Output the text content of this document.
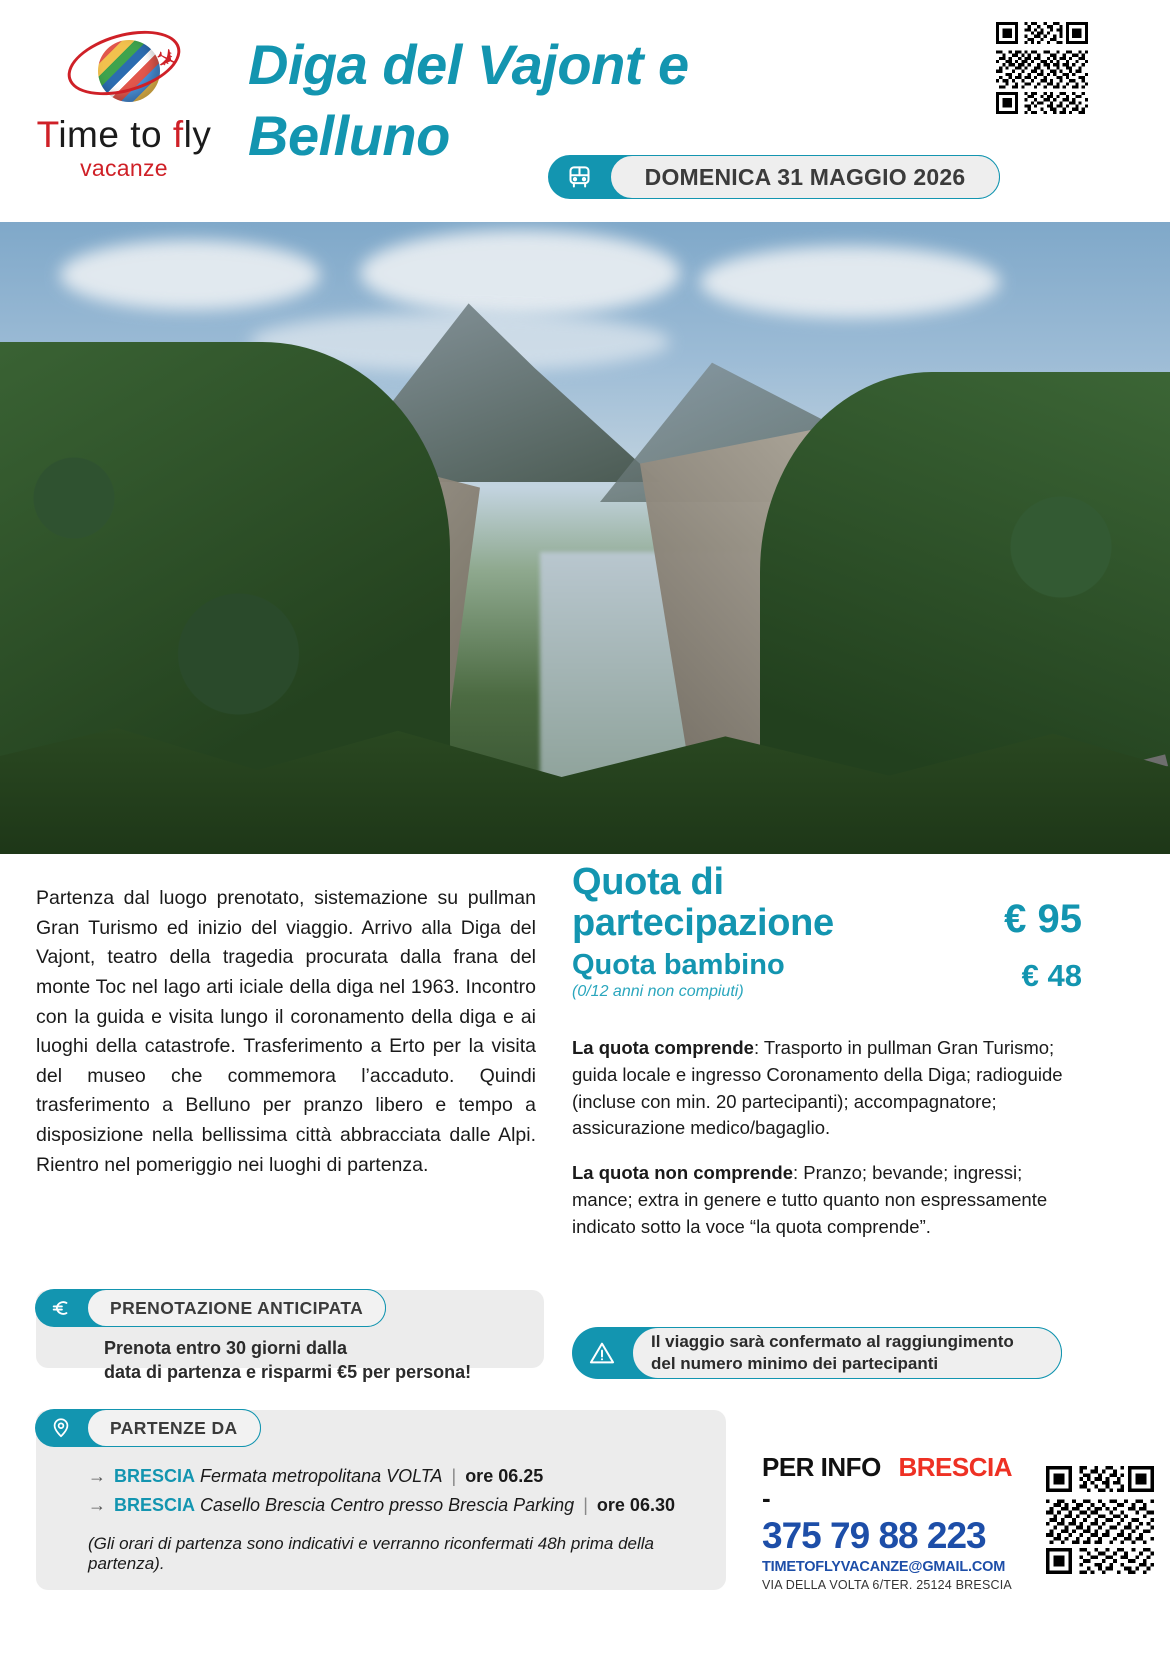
✈
Time to fly
vacanze
Diga del Vajont e
Belluno
DOMENICA 31 MAGGIO 2026
Partenza dal luogo prenotato, sistemazione su pullman Gran Turismo ed inizio del viaggio. Arrivo alla Diga del Vajont, teatro della tragedia procurata dalla frana del monte Toc nel lago arti iciale della diga nel 1963. Incontro con la guida e visita lungo il coronamento della diga e ai luoghi della catastrofe. Trasferimento a Erto per la visita del museo che commemora l’accaduto. Quindi trasferimento a Belluno per pranzo libero e tempo a disposizione nella bellissima città abbracciata dalle Alpi. Rientro nel pomeriggio nei luoghi di partenza.
Quota di partecipazione	€ 95
Quota bambino
(0/12 anni non compiuti)	€ 48

La quota comprende: Trasporto in pullman Gran Turismo; guida locale e ingresso Coronamento della Diga; radioguide (incluse con min. 20 partecipanti); accompagnatore; assicurazione medico/bagaglio.

La quota non comprende: Pranzo; bevande; ingressi; mance; extra in genere e tutto quanto non espressamente indicato sotto la voce “la quota comprende”.

PRENOTAZIONE ANTICIPATA
Prenota entro 30 giorni dalla
data di partenza e risparmi €5 per persona!
Il viaggio sarà confermato al raggiungimento
del numero minimo dei partecipanti
PARTENZE DA
→ BRESCIA Fermata metropolitana VOLTA | ore 06.25
→ BRESCIA Casello Brescia Centro presso Brescia Parking | ore 06.30
(Gli orari di partenza sono indicativi e verranno riconfermati 48h prima della partenza).
PER INFO -
BRESCIA
375 79 88 223
TIMETOFLYVACANZE@GMAIL.COM
VIA DELLA VOLTA 6/TER. 25124 BRESCIA
